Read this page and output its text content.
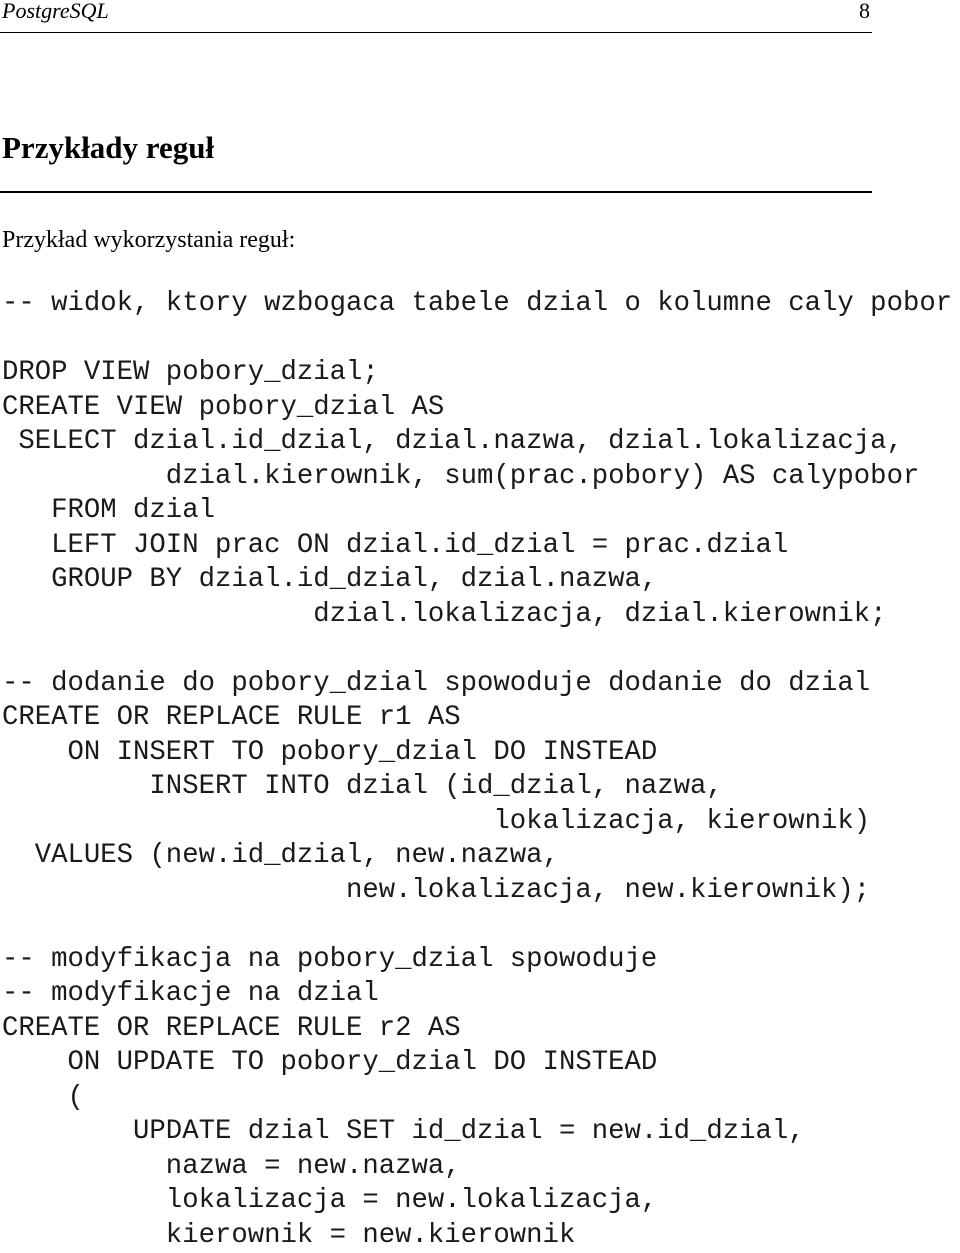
PostgreSQL	8
Przykłady reguł

Przykład wykorzystania reguł:

-- widok, ktory wzbogaca tabele dzial o kolumne caly pobor

DROP VIEW pobory_dzial;
CREATE VIEW pobory_dzial AS
SELECT dzial.id_dzial, dzial.nazwa, dzial.lokalizacja,
dzial.kierownik, sum(prac.pobory) AS calypobor
FROM dzial
LEFT JOIN prac ON dzial.id_dzial = prac.dzial
GROUP BY dzial.id_dzial, dzial.nazwa,
dzial.lokalizacja, dzial.kierownik;

-- dodanie do pobory_dzial spowoduje dodanie do dzial
CREATE OR REPLACE RULE r1 AS
ON INSERT TO pobory_dzial DO INSTEAD
INSERT INTO dzial (id_dzial, nazwa,
lokalizacja, kierownik)
VALUES (new.id_dzial, new.nazwa,
new.lokalizacja, new.kierownik);

-- modyfikacja na pobory_dzial spowoduje
-- modyfikacje na dzial
CREATE OR REPLACE RULE r2 AS
ON UPDATE TO pobory_dzial DO INSTEAD
(
UPDATE dzial SET id_dzial = new.id_dzial,
nazwa = new.nazwa,
lokalizacja = new.lokalizacja,
kierownik = new.kierownik
